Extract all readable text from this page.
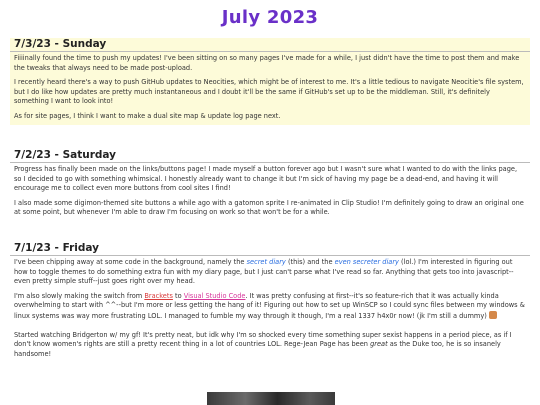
July 2023
7/3/23 - Sunday

Fiiiinally found the time to push my updates! I've been sitting on so many pages I've made for a while, I just didn't have the time to post them and make the tweaks that always need to be made post-upload.

I recently heard there's a way to push GitHub updates to Neocities, which might be of interest to me. It's a little tedious to navigate Neocitie's file system, but I do like how updates are pretty much instantaneous and I doubt it'll be the same if GitHub's set up to be the middleman. Still, it's definitely something I want to look into!

As for site pages, I think I want to make a dual site map & update log page next.

7/2/23 - Saturday

Progress has finally been made on the links/buttons page! I made myself a button forever ago but I wasn't sure what I wanted to do with the links page, so I decided to go with something whimsical. I honestly already want to change it but I'm sick of having my page be a dead-end, and having it will encourage me to collect even more buttons from cool sites I find!

I also made some digimon-themed site buttons a while ago with a gatomon sprite I re-animated in Clip Studio! I'm definitely going to draw an original one at some point, but whenever I'm able to draw I'm focusing on work so that won't be for a while.

7/1/23 - Friday

I've been chipping away at some code in the background, namely the secret diary (this) and the even secreter diary (lol.) I'm interested in figuring out how to toggle themes to do something extra fun with my diary page, but I just can't parse what I've read so far. Anything that gets too into javascript--even pretty simple stuff--just goes right over my head.

I'm also slowly making the switch from Brackets to Visual Studio Code. It was pretty confusing at first--it's so feature-rich that it was actually kinda overwhelming to start with ^^--but I'm more or less getting the hang of it! Figuring out how to set up WinSCP so I could sync files between my windows & linux systems was way more frustrating LOL. I managed to fumble my way through it though, I'm a real 1337 h4x0r now! (jk I'm still a dummy)

Started watching Bridgerton w/ my gf! It's pretty neat, but idk why I'm so shocked every time something super sexist happens in a period piece, as if I don't know women's rights are still a pretty recent thing in a lot of countries LOL. Rege-Jean Page has been great as the Duke too, he is so insanely handsome!
